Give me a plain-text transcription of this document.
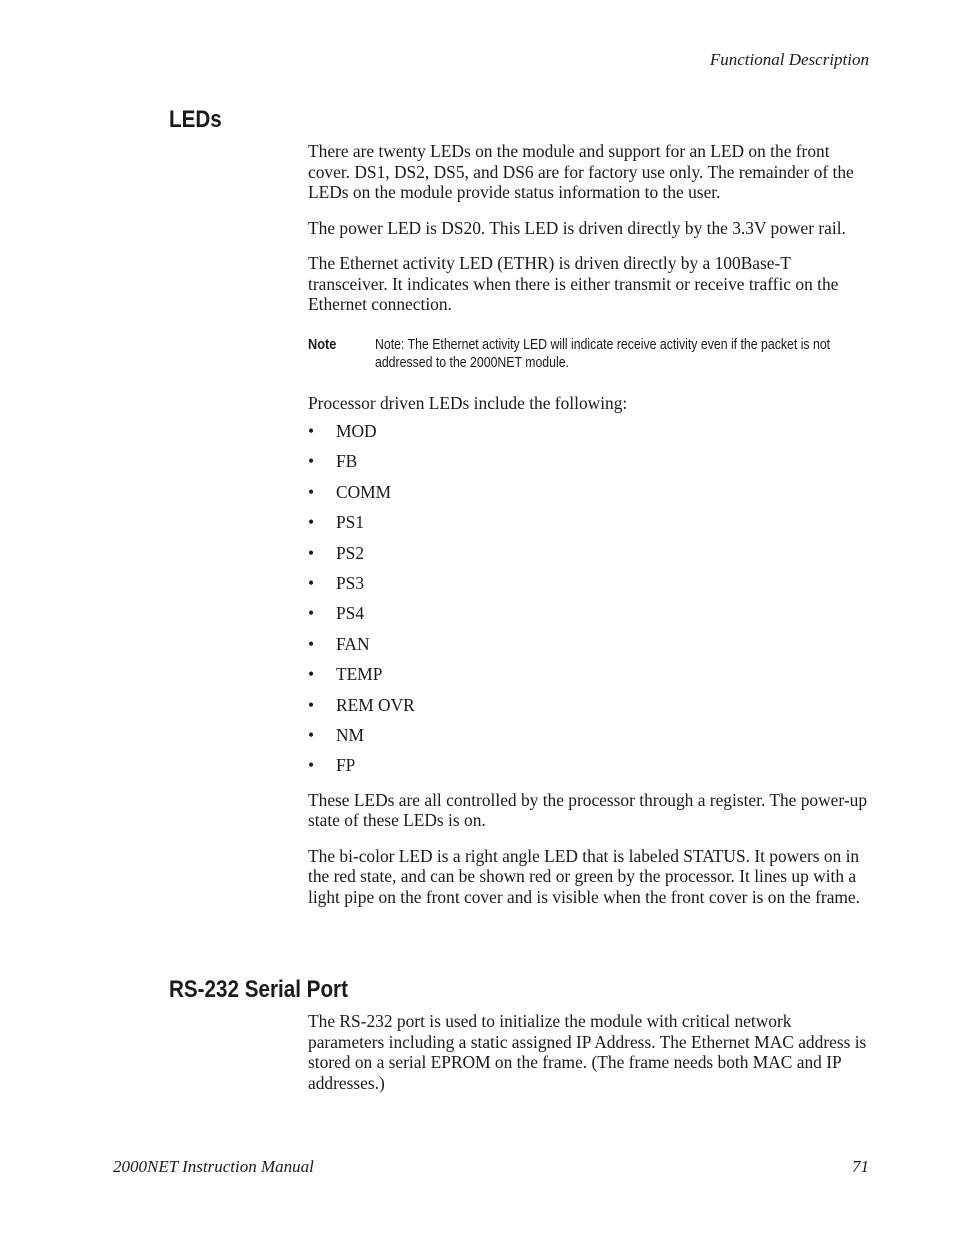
Functional Description
LEDs

There are twenty LEDs on the module and support for an LED on the front cover. DS1, DS2, DS5, and DS6 are for factory use only. The remainder of the LEDs on the module provide status information to the user.

The power LED is DS20. This LED is driven directly by the 3.3V power rail.

The Ethernet activity LED (ETHR) is driven directly by a 100Base-T transceiver. It indicates when there is either transmit or receive traffic on the Ethernet connection.

Note	Note: The Ethernet activity LED will indicate receive activity even if the packet is not addressed to the 2000NET module.

Processor driven LEDs include the following:

•	MOD
•	FB
•	COMM
•	PS1
•	PS2
•	PS3
•	PS4
•	FAN
•	TEMP
•	REM OVR
•	NM
•	FP

These LEDs are all controlled by the processor through a register. The power-up state of these LEDs is on.

The bi-color LED is a right angle LED that is labeled STATUS. It powers on in the red state, and can be shown red or green by the processor. It lines up with a light pipe on the front cover and is visible when the front cover is on the frame.

RS-232 Serial Port

The RS-232 port is used to initialize the module with critical network parameters including a static assigned IP Address. The Ethernet MAC address is stored on a serial EPROM on the frame. (The frame needs both MAC and IP addresses.)

2000NET Instruction Manual	71
